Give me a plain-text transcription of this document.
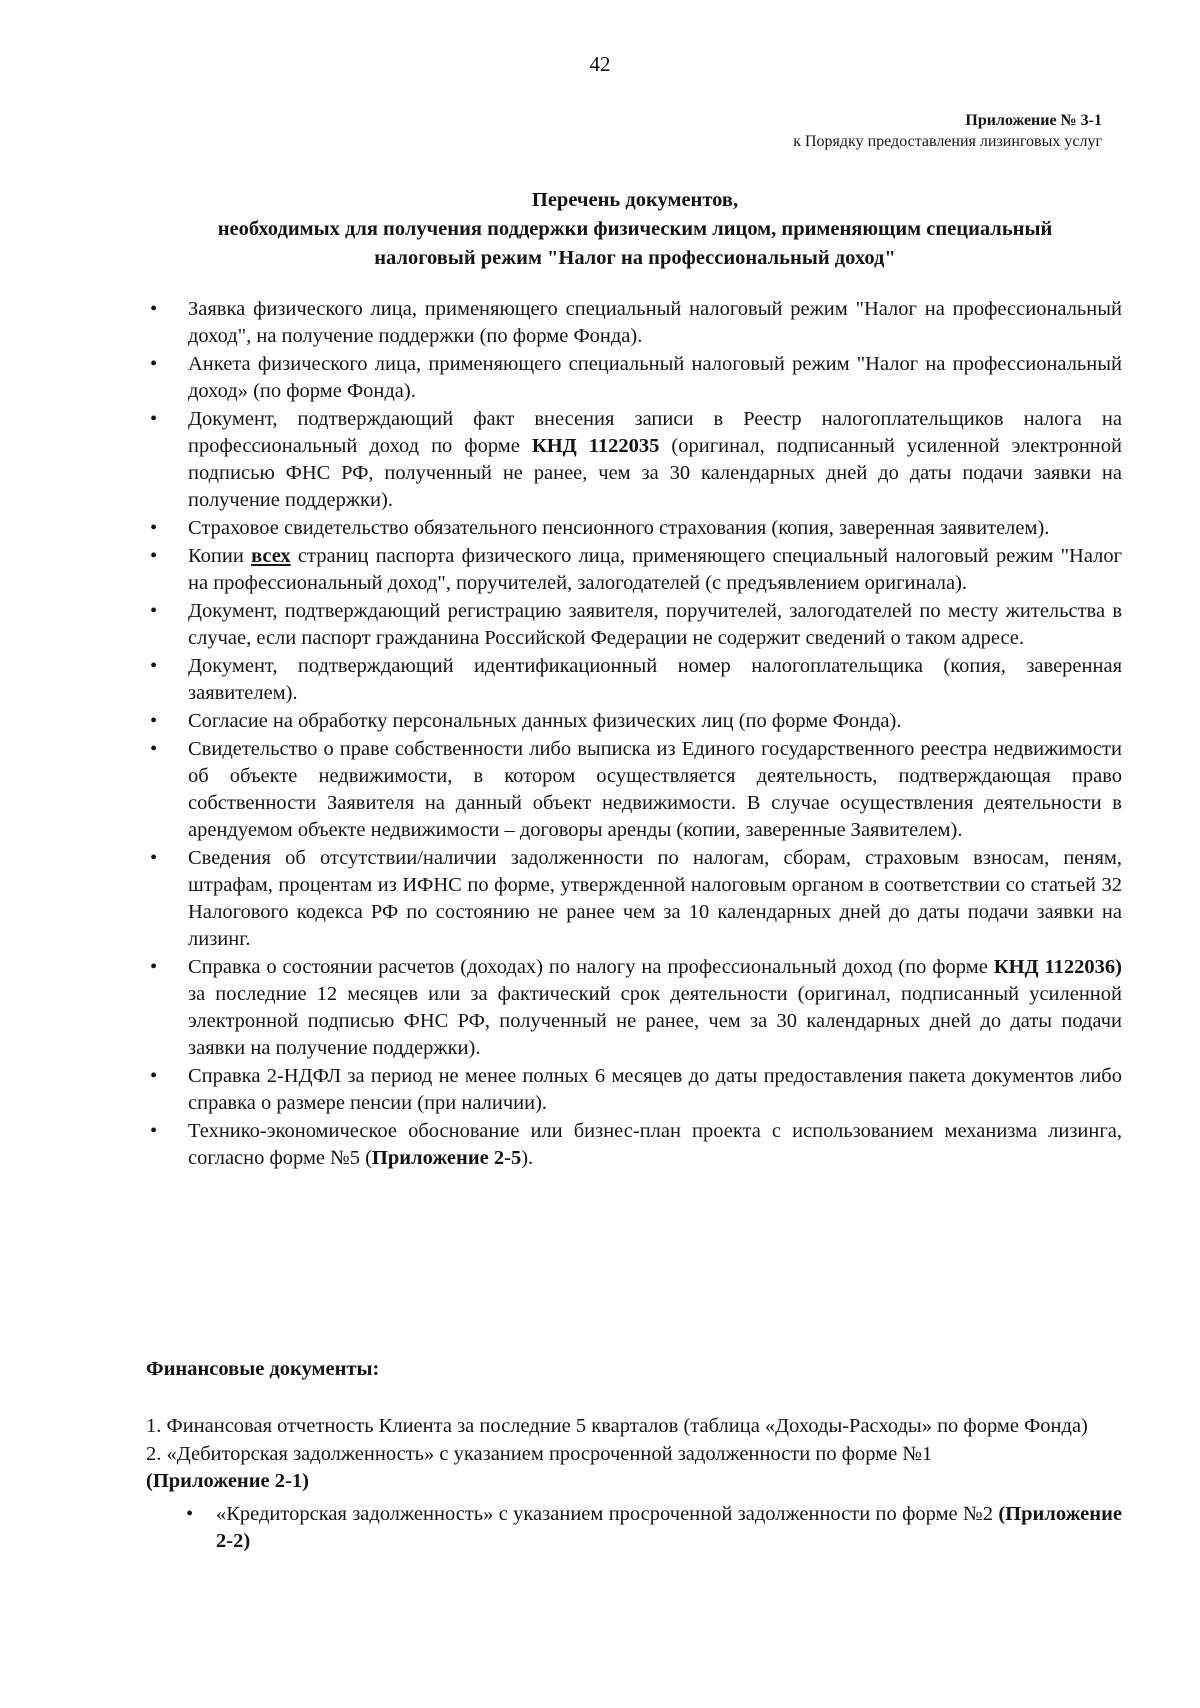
42
Приложение № 3-1
к Порядку предоставления лизинговых услуг
Перечень документов,
необходимых для получения поддержки физическим лицом, применяющим специальный
налоговый режим "Налог на профессиональный доход"
• Заявка физического лица, применяющего специальный налоговый режим "Налог на профессиональный доход", на получение поддержки (по форме Фонда).
• Анкета физического лица, применяющего специальный налоговый режим "Налог на профессиональный доход» (по форме Фонда).
• Документ, подтверждающий факт внесения записи в Реестр налогоплательщиков налога на профессиональный доход по форме КНД 1122035 (оригинал, подписанный усиленной электронной подписью ФНС РФ, полученный не ранее, чем за 30 календарных дней до даты подачи заявки на получение поддержки).
• Страховое свидетельство обязательного пенсионного страхования (копия, заверенная заявителем).
• Копии всех страниц паспорта физического лица, применяющего специальный налоговый режим "Налог на профессиональный доход", поручителей, залогодателей (с предъявлением оригинала).
• Документ, подтверждающий регистрацию заявителя, поручителей, залогодателей по месту жительства в случае, если паспорт гражданина Российской Федерации не содержит сведений о таком адресе.
• Документ, подтверждающий идентификационный номер налогоплательщика (копия, заверенная заявителем).
• Согласие на обработку персональных данных физических лиц (по форме Фонда).
• Свидетельство о праве собственности либо выписка из Единого государственного реестра недвижимости об объекте недвижимости, в котором осуществляется деятельность, подтверждающая право собственности Заявителя на данный объект недвижимости. В случае осуществления деятельности в арендуемом объекте недвижимости – договоры аренды (копии, заверенные Заявителем).
• Сведения об отсутствии/наличии задолженности по налогам, сборам, страховым взносам, пеням, штрафам, процентам из ИФНС по форме, утвержденной налоговым органом в соответствии со статьей 32 Налогового кодекса РФ по состоянию не ранее чем за 10 календарных дней до даты подачи заявки на лизинг.
• Справка о состоянии расчетов (доходах) по налогу на профессиональный доход (по форме КНД 1122036) за последние 12 месяцев или за фактический срок деятельности (оригинал, подписанный усиленной электронной подписью ФНС РФ, полученный не ранее, чем за 30 календарных дней до даты подачи заявки на получение поддержки).
• Справка 2-НДФЛ за период не менее полных 6 месяцев до даты предоставления пакета документов либо справка о размере пенсии (при наличии).
• Технико-экономическое обоснование или бизнес-план проекта с использованием механизма лизинга, согласно форме №5 (Приложение 2-5).
Финансовые документы:

1. Финансовая отчетность Клиента за последние 5 кварталов (таблица «Доходы-Расходы» по форме Фонда)

2. «Дебиторская задолженность» с указанием просроченной задолженности по форме №1
(Приложение 2-1)

• «Кредиторская задолженность» с указанием просроченной задолженности по форме №2 (Приложение 2-2)
